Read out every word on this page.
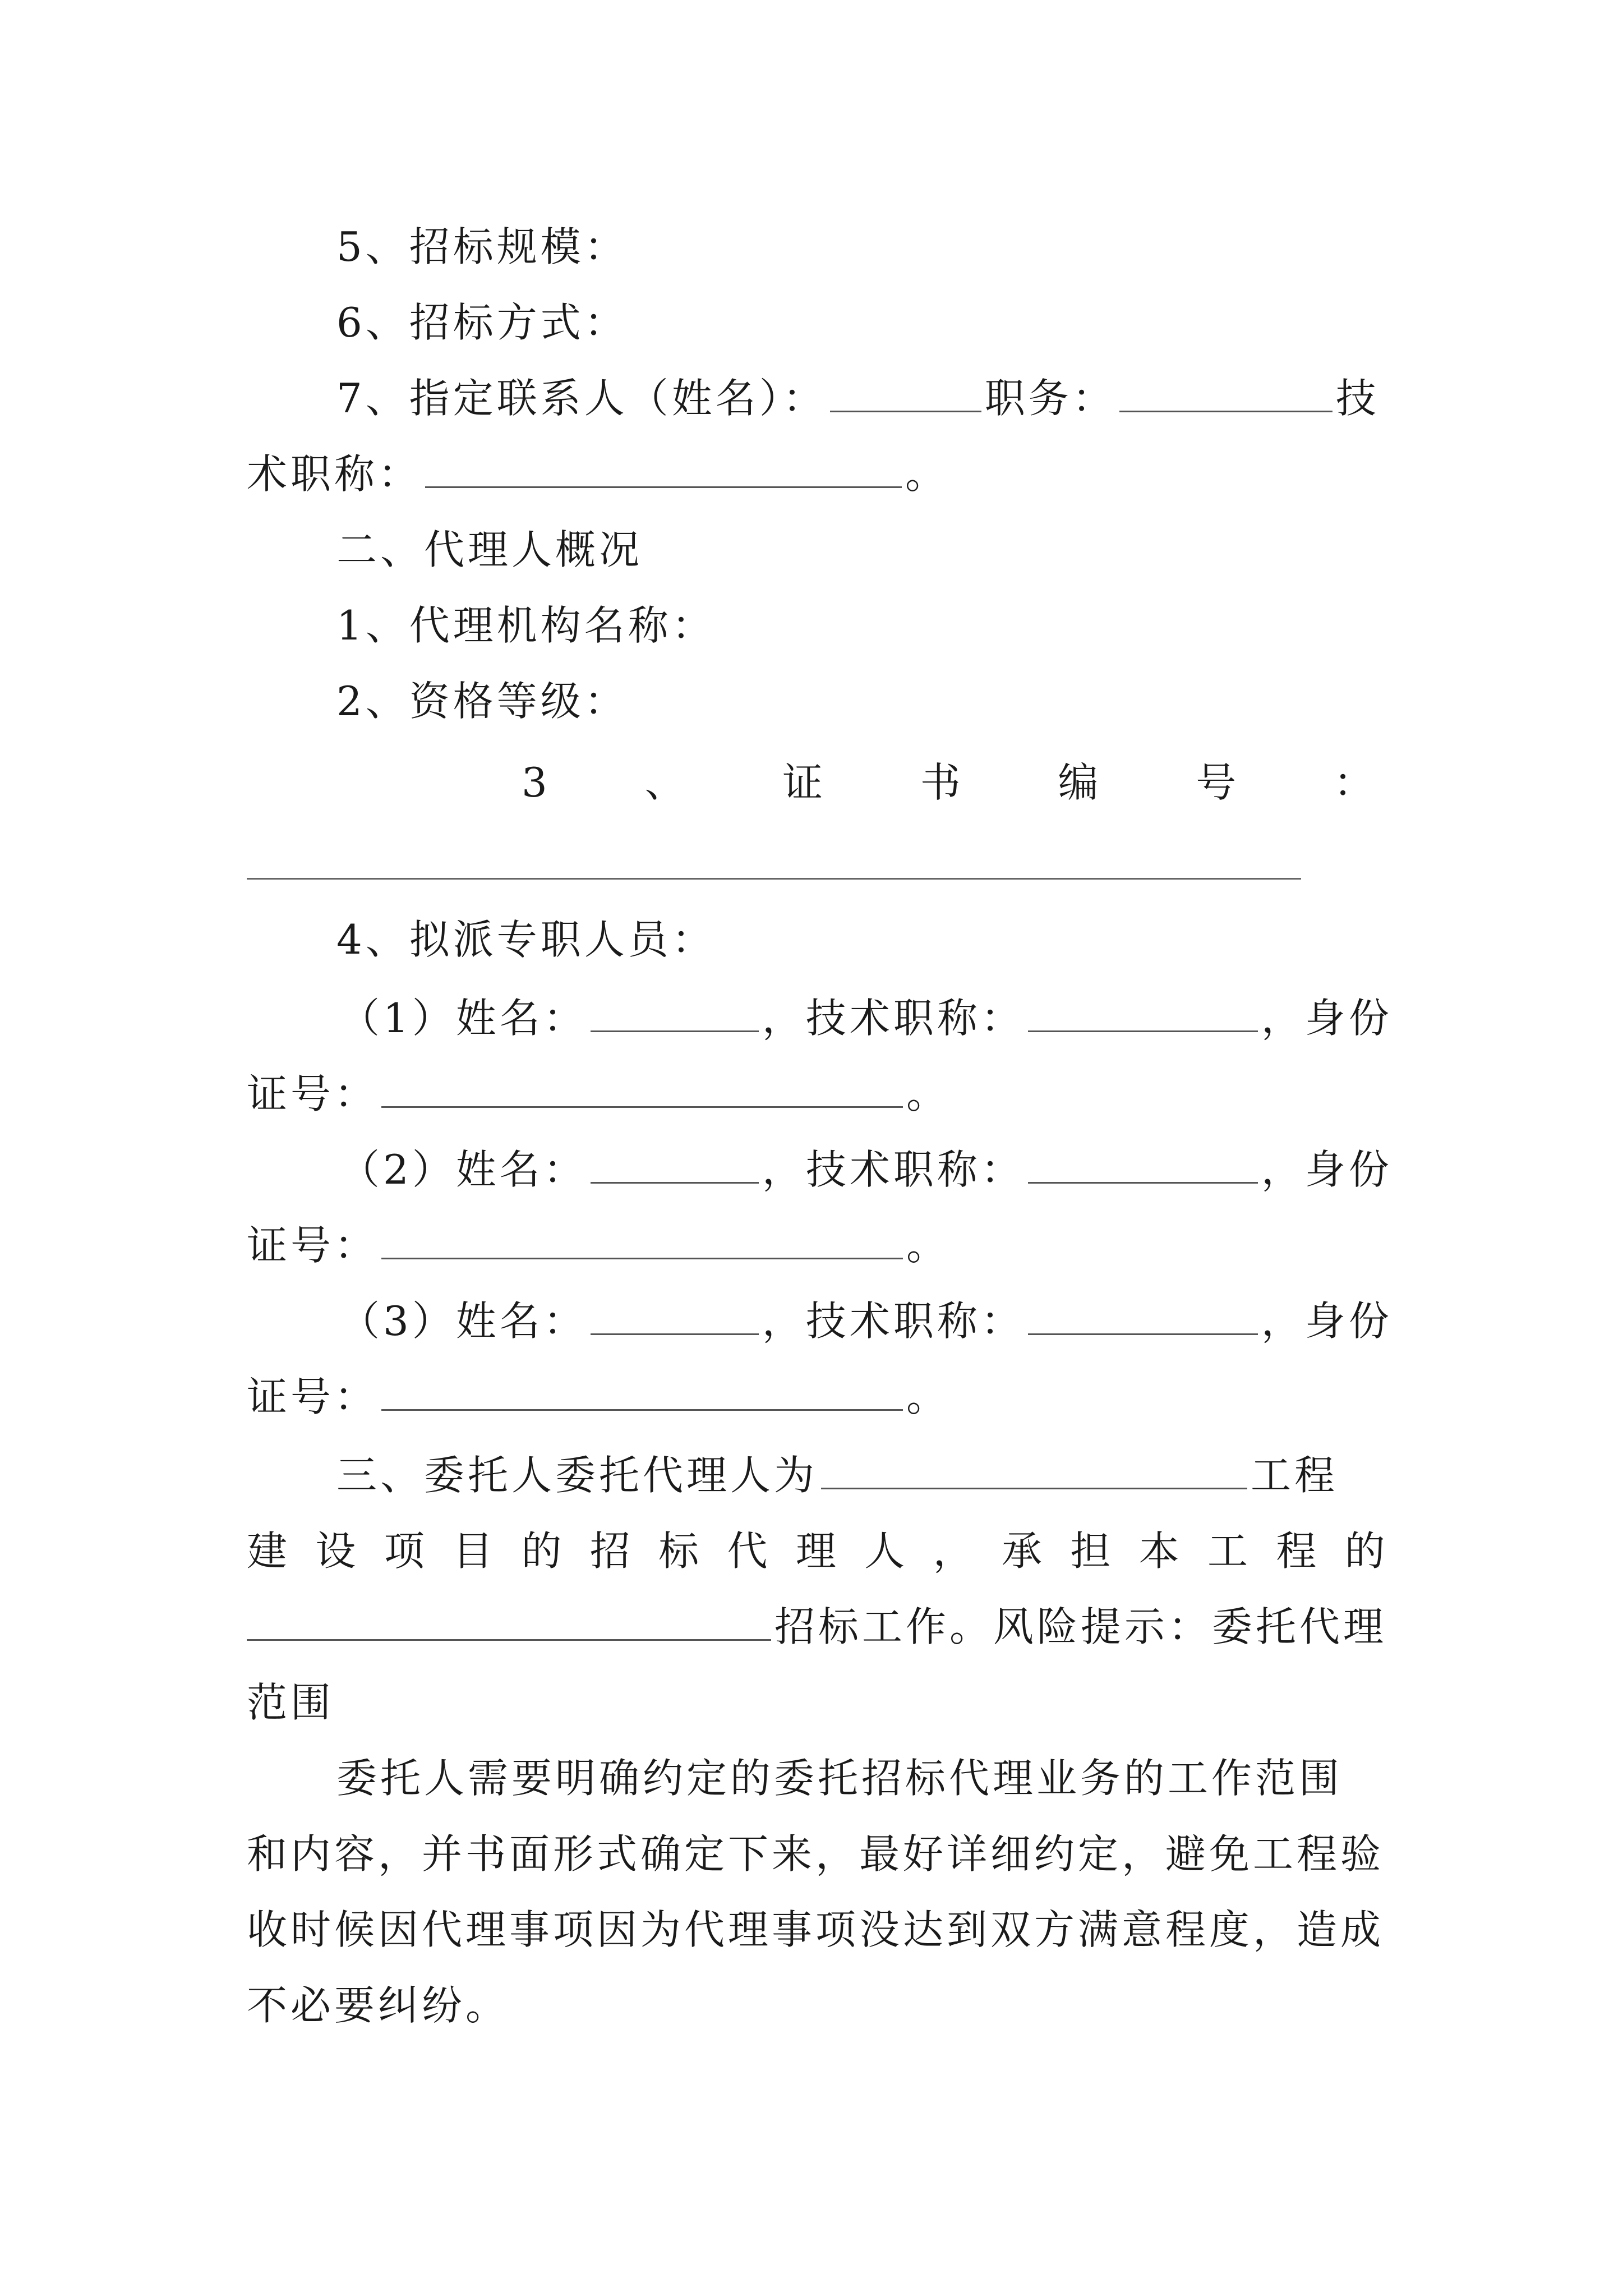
5、招标规模：
6、招标方式：
7、指定联系人（姓名）：	职务：	技
术职称：	。
二、代理人概况
1、代理机构名称：
2、资格等级：
3 、 证 书 编 号 ：
4、拟派专职人员：
（1）姓名：	，技术职称：	，身份
证号：	。
（2）姓名：	，技术职称：	，身份
证号：	。
（3）姓名：	，技术职称：	，身份
证号：	。
三、委托人委托代理人为	工程
建 设 项 目 的 招 标 代 理 人 ， 承 担 本 工 程 的
招标工作。风险提示：委托代理
范围
委托人需要明确约定的委托招标代理业务的工作范围
和内容，并书面形式确定下来，最好详细约定，避免工程验
收时候因代理事项因为代理事项没达到双方满意程度，造成
不必要纠纷。
